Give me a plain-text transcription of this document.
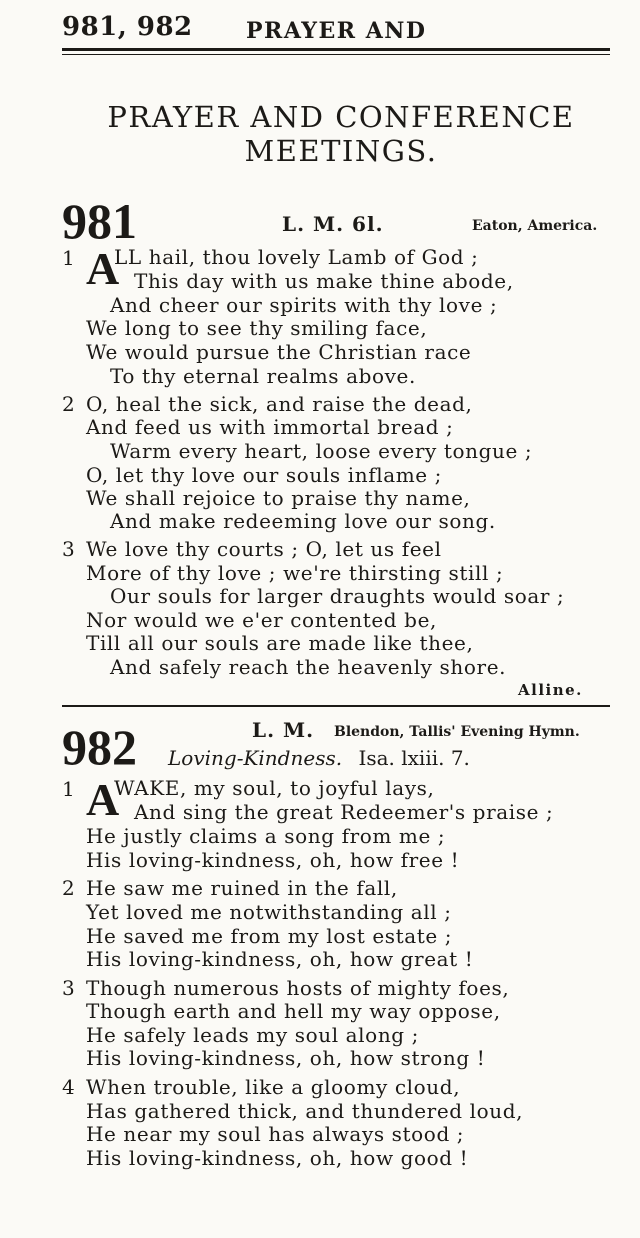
981, 982 PRAYER AND
PRAYER AND CONFERENCE
MEETINGS.
981	L. M. 6l.	Eaton, America.
1 A
LL hail, thou lovely Lamb of God ;
This day with us make thine abode,
And cheer our spirits with thy love ;
We long to see thy smiling face,
We would pursue the Christian race
To thy eternal realms above.
2 O, heal the sick, and raise the dead,
And feed us with immortal bread ;
Warm every heart, loose every tongue ;
O, let thy love our souls inflame ;
We shall rejoice to praise thy name,
And make redeeming love our song.
3 We love thy courts ; O, let us feel
More of thy love ; we're thirsting still ;
Our souls for larger draughts would soar ;
Nor would we e'er contented be,
Till all our souls are made like thee,
And safely reach the heavenly shore.
Alline.
982	L. M. Blendon, Tallis' Evening Hymn.
Loving-Kindness. Isa. lxiii. 7.
1 A
WAKE, my soul, to joyful lays,
And sing the great Redeemer's praise ;
He justly claims a song from me ;
His loving-kindness, oh, how free !
2 He saw me ruined in the fall,
Yet loved me notwithstanding all ;
He saved me from my lost estate ;
His loving-kindness, oh, how great !
3 Though numerous hosts of mighty foes,
Though earth and hell my way oppose,
He safely leads my soul along ;
His loving-kindness, oh, how strong !
4 When trouble, like a gloomy cloud,
Has gathered thick, and thundered loud,
He near my soul has always stood ;
His loving-kindness, oh, how good !
